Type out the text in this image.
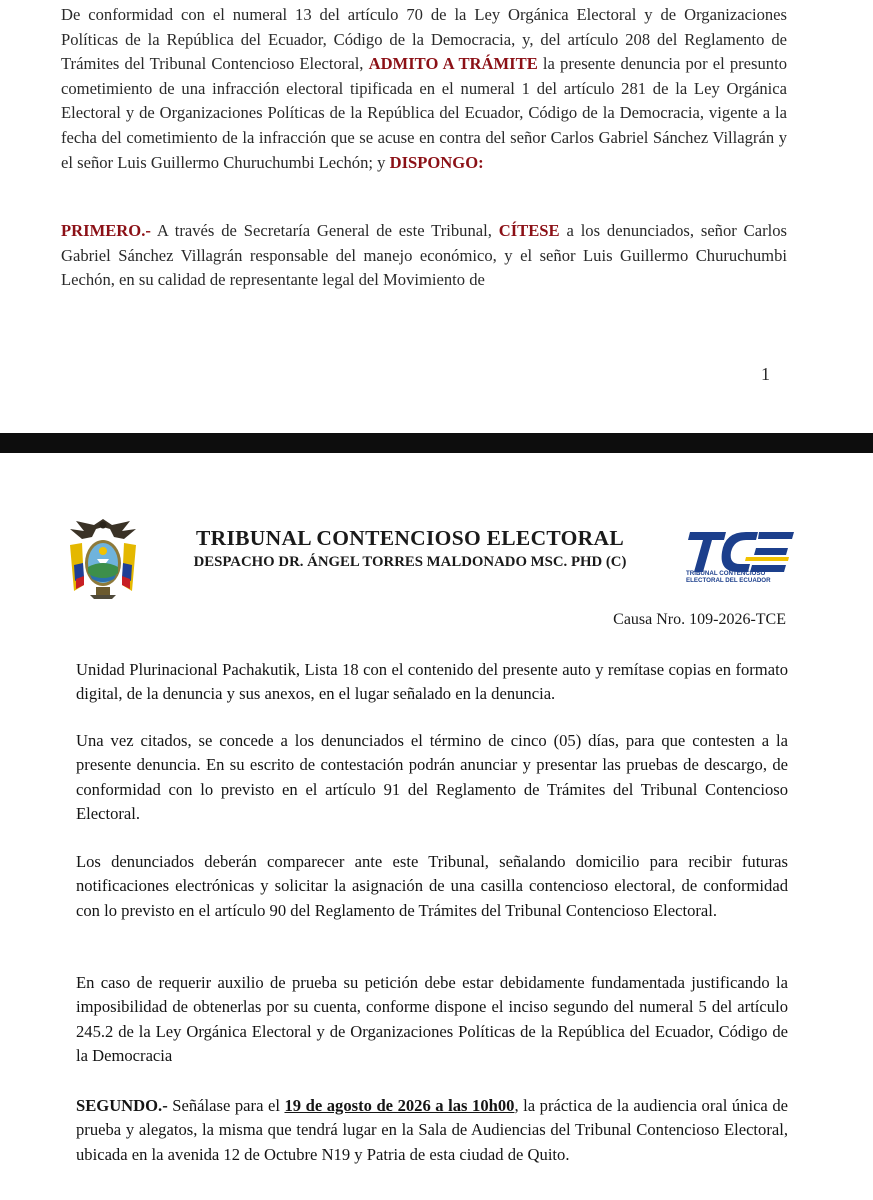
De conformidad con el numeral 13 del artículo 70 de la Ley Orgánica Electoral y de Organizaciones Políticas de la República del Ecuador, Código de la Democracia, y, del artículo 208 del Reglamento de Trámites del Tribunal Contencioso Electoral, ADMITO A TRÁMITE la presente denuncia por el presunto cometimiento de una infracción electoral tipificada en el numeral 1 del artículo 281 de la Ley Orgánica Electoral y de Organizaciones Políticas de la República del Ecuador, Código de la Democracia, vigente a la fecha del cometimiento de la infracción que se acuse en contra del señor Carlos Gabriel Sánchez Villagrán y el señor Luis Guillermo Churuchumbi Lechón; y DISPONGO:

PRIMERO.- A través de Secretaría General de este Tribunal, CÍTESE a los denunciados, señor Carlos Gabriel Sánchez Villagrán responsable del manejo económico, y el señor Luis Guillermo Churuchumbi Lechón, en su calidad de representante legal del Movimiento de

1
TRIBUNAL CONTENCIOSO ELECTORAL
DESPACHO DR. ÁNGEL TORRES MALDONADO MSC. PHD (C)
TRIBUNAL CONTENCIOSO
ELECTORAL DEL ECUADOR
Causa Nro. 109-2026-TCE

Unidad Plurinacional Pachakutik, Lista 18 con el contenido del presente auto y remítase copias en formato digital, de la denuncia y sus anexos, en el lugar señalado en la denuncia.

Una vez citados, se concede a los denunciados el término de cinco (05) días, para que contesten a la presente denuncia. En su escrito de contestación podrán anunciar y presentar las pruebas de descargo, de conformidad con lo previsto en el artículo 91 del Reglamento de Trámites del Tribunal Contencioso Electoral.

Los denunciados deberán comparecer ante este Tribunal, señalando domicilio para recibir futuras notificaciones electrónicas y solicitar la asignación de una casilla contencioso electoral, de conformidad con lo previsto en el artículo 90 del Reglamento de Trámites del Tribunal Contencioso Electoral.

En caso de requerir auxilio de prueba su petición debe estar debidamente fundamentada justificando la imposibilidad de obtenerlas por su cuenta, conforme dispone el inciso segundo del numeral 5 del artículo 245.2 de la Ley Orgánica Electoral y de Organizaciones Políticas de la República del Ecuador, Código de la Democracia

SEGUNDO.- Señálase para el 19 de agosto de 2026 a las 10h00, la práctica de la audiencia oral única de prueba y alegatos, la misma que tendrá lugar en la Sala de Audiencias del Tribunal Contencioso Electoral, ubicada en la avenida 12 de Octubre N19 y Patria de esta ciudad de Quito.
